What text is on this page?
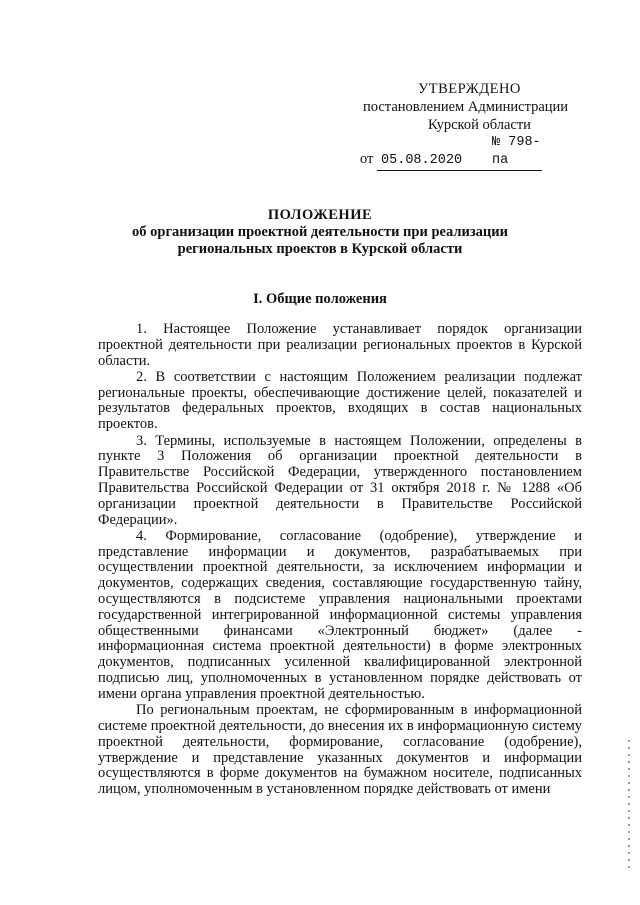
УТВЕРЖДЕНО
постановлением Администрации
Курской области
от 05.08.2020№ 798-па
ПОЛОЖЕНИЕ
об организации проектной деятельности при реализации
региональных проектов в Курской области
I. Общие положения

1. Настоящее Положение устанавливает порядок организации проектной деятельности при реализации региональных проектов в Курской области.

2. В соответствии с настоящим Положением реализации подлежат региональные проекты, обеспечивающие достижение целей, показателей и результатов федеральных проектов, входящих в состав национальных проектов.

3. Термины, используемые в настоящем Положении, определены в пункте 3 Положения об организации проектной деятельности в Правительстве Российской Федерации, утвержденного постановлением Правительства Российской Федерации от 31 октября 2018 г. № 1288 «Об организации проектной деятельности в Правительстве Российской Федерации».

4. Формирование, согласование (одобрение), утверждение и представление информации и документов, разрабатываемых при осуществлении проектной деятельности, за исключением информации и документов, содержащих сведения, составляющие государственную тайну, осуществляются в подсистеме управления национальными проектами государственной интегрированной информационной системы управления общественными финансами «Электронный бюджет» (далее - информационная система проектной деятельности) в форме электронных документов, подписанных усиленной квалифицированной электронной подписью лиц, уполномоченных в установленном порядке действовать от имени органа управления проектной деятельностью.

По региональным проектам, не сформированным в информационной системе проектной деятельности, до внесения их в информационную систему проектной деятельности, формирование, согласование (одобрение), утверждение и представление указанных документов и информации осуществляются в форме документов на бумажном носителе, подписанных лицом, уполномоченным в установленном порядке действовать от имени
